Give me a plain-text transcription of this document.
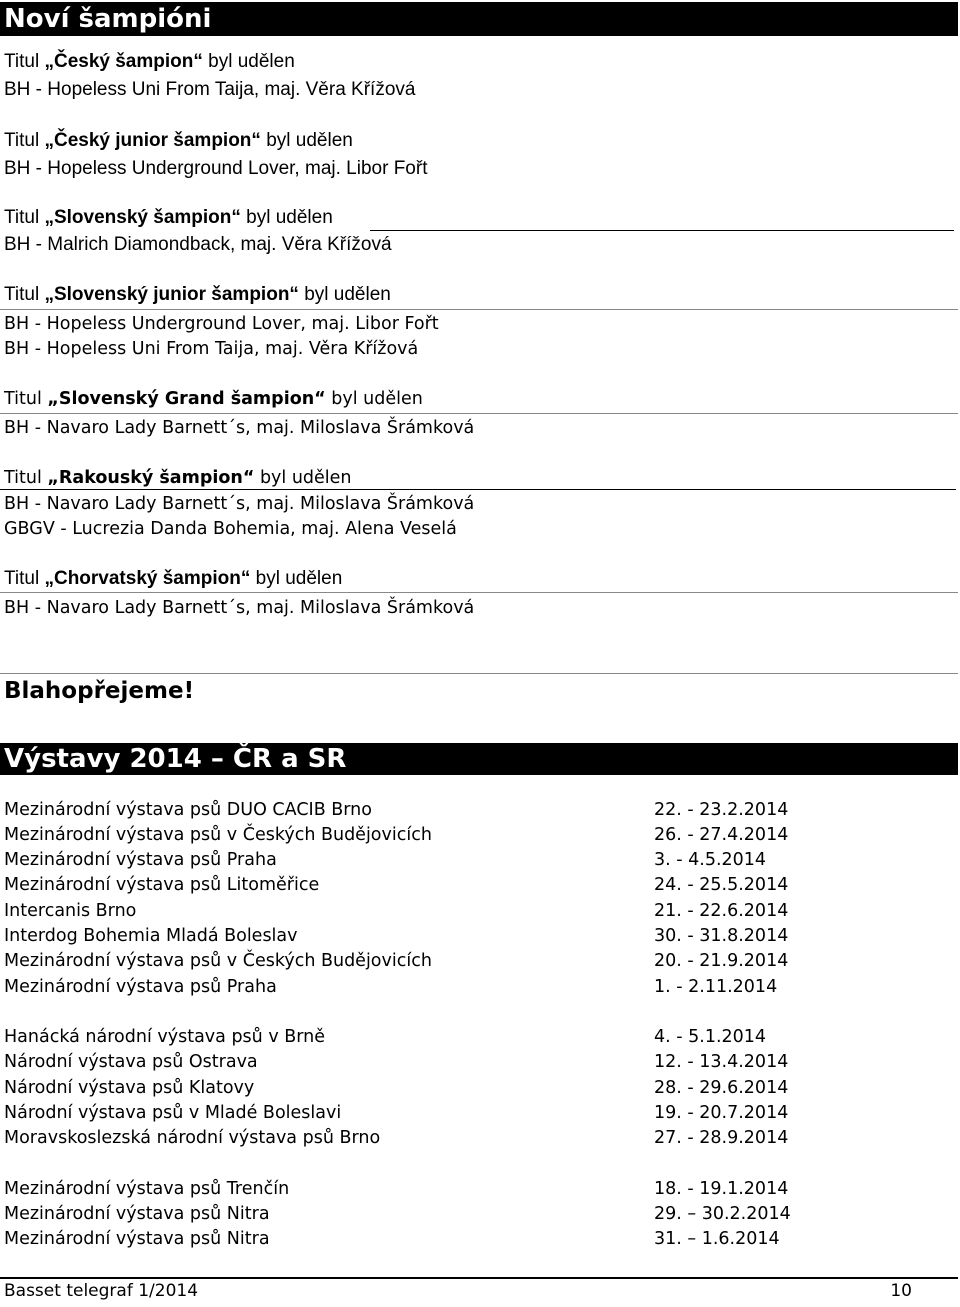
Noví šampióni
Titul „Český šampion“ byl udělen
BH - Hopeless Uni From Taija, maj. Věra Křížová
Titul „Český junior šampion“ byl udělen
BH - Hopeless Underground Lover, maj. Libor Fořt
Titul „Slovenský šampion“ byl udělen
BH - Malrich Diamondback, maj. Věra Křížová
Titul „Slovenský junior šampion“ byl udělen
BH - Hopeless Underground Lover, maj. Libor Fořt
BH - Hopeless Uni From Taija, maj. Věra Křížová
Titul „Slovenský Grand šampion“ byl udělen
BH - Navaro Lady Barnett´s, maj. Miloslava Šrámková
Titul „Rakouský šampion“ byl udělen
BH - Navaro Lady Barnett´s, maj. Miloslava Šrámková
GBGV - Lucrezia Danda Bohemia, maj. Alena Veselá
Titul „Chorvatský šampion“ byl udělen
BH - Navaro Lady Barnett´s, maj. Miloslava Šrámková
Blahopřejeme!
Výstavy 2014 – ČR a SR
Mezinárodní výstava psů DUO CACIB Brno	22. - 23.2.2014
Mezinárodní výstava psů v Českých Budějovicích	26. - 27.4.2014
Mezinárodní výstava psů Praha	3. - 4.5.2014
Mezinárodní výstava psů Litoměřice	24. - 25.5.2014
Intercanis Brno	21. - 22.6.2014
Interdog Bohemia Mladá Boleslav	30. - 31.8.2014
Mezinárodní výstava psů v Českých Budějovicích	20. - 21.9.2014
Mezinárodní výstava psů Praha	1. - 2.11.2014
Hanácká národní výstava psů v Brně	4. - 5.1.2014
Národní výstava psů Ostrava	12. - 13.4.2014
Národní výstava psů Klatovy	28. - 29.6.2014
Národní výstava psů v Mladé Boleslavi	19. - 20.7.2014
Moravskoslezská národní výstava psů Brno	27. - 28.9.2014
Mezinárodní výstava psů Trenčín	18. - 19.1.2014
Mezinárodní výstava psů Nitra	29. – 30.2.2014
Mezinárodní výstava psů Nitra	31. – 1.6.2014
Basset telegraf 1/2014	10
